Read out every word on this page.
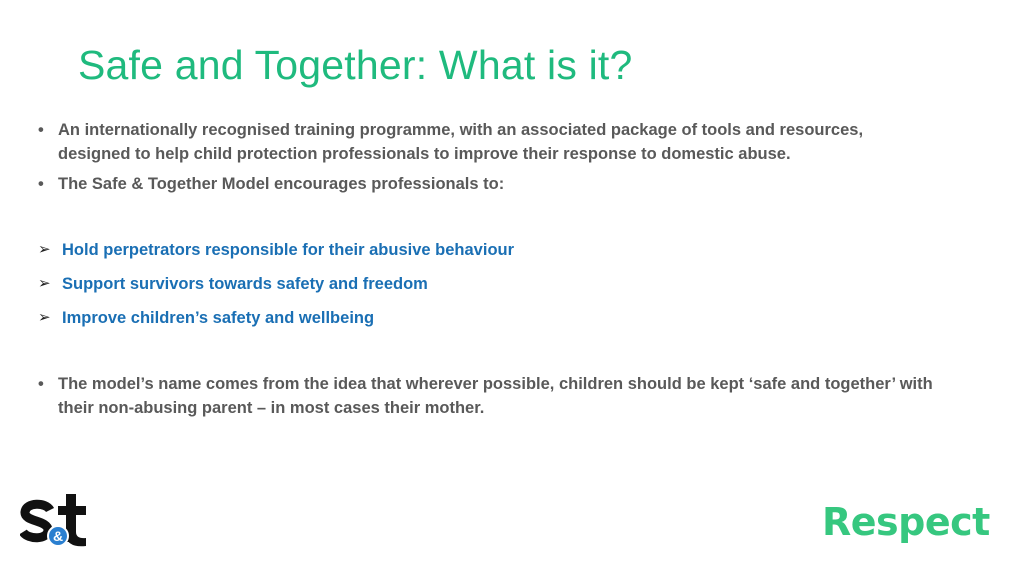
Safe and Together: What is it?
• An internationally recognised training programme, with an associated package of tools and resources, designed to help child protection professionals to improve their response to domestic abuse.
• The Safe & Together Model encourages professionals to:
➢ Hold perpetrators responsible for their abusive behaviour
➢ Support survivors towards safety and freedom
➢ Improve children’s safety and wellbeing
• The model’s name comes from the idea that wherever possible, children should be kept ‘safe and together’ with their non-abusing parent – in most cases their mother.
&	Respect
